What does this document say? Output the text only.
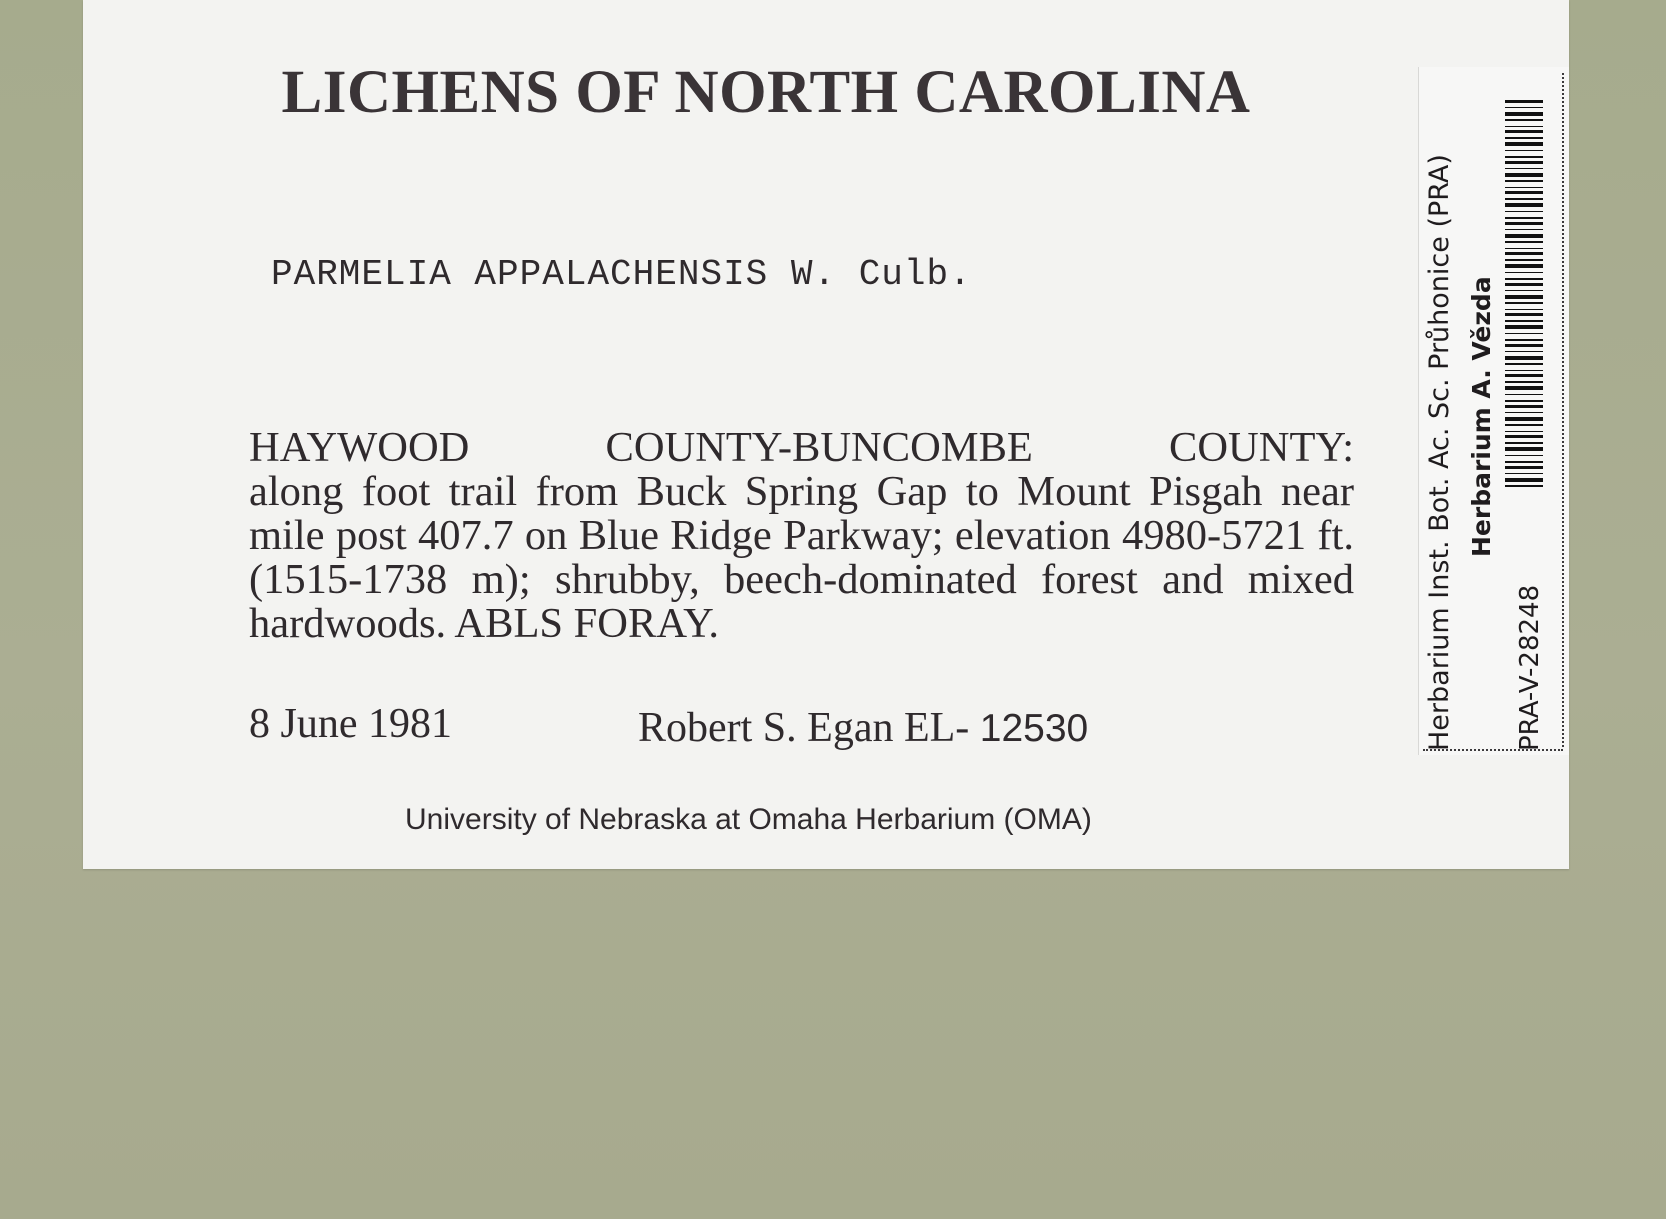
LICHENS OF NORTH CAROLINA

PARMELIA APPALACHENSIS W. Culb.

HAYWOOD COUNTY-BUNCOMBE COUNTY:
along foot trail from Buck Spring Gap to Mount Pisgah near mile post 407.7 on Blue Ridge Parkway; elevation 4980-5721 ft. (1515-1738 m); shrubby, beech-dominated forest and mixed hardwoods. ABLS FORAY.

8 June 1981	Robert S. Egan EL- 12530

University of Nebraska at Omaha Herbarium (OMA)

Herbarium Inst. Bot. Ac. Sc. Průhonice (PRA) Herbarium A. Vězda

PRA-V-28248
